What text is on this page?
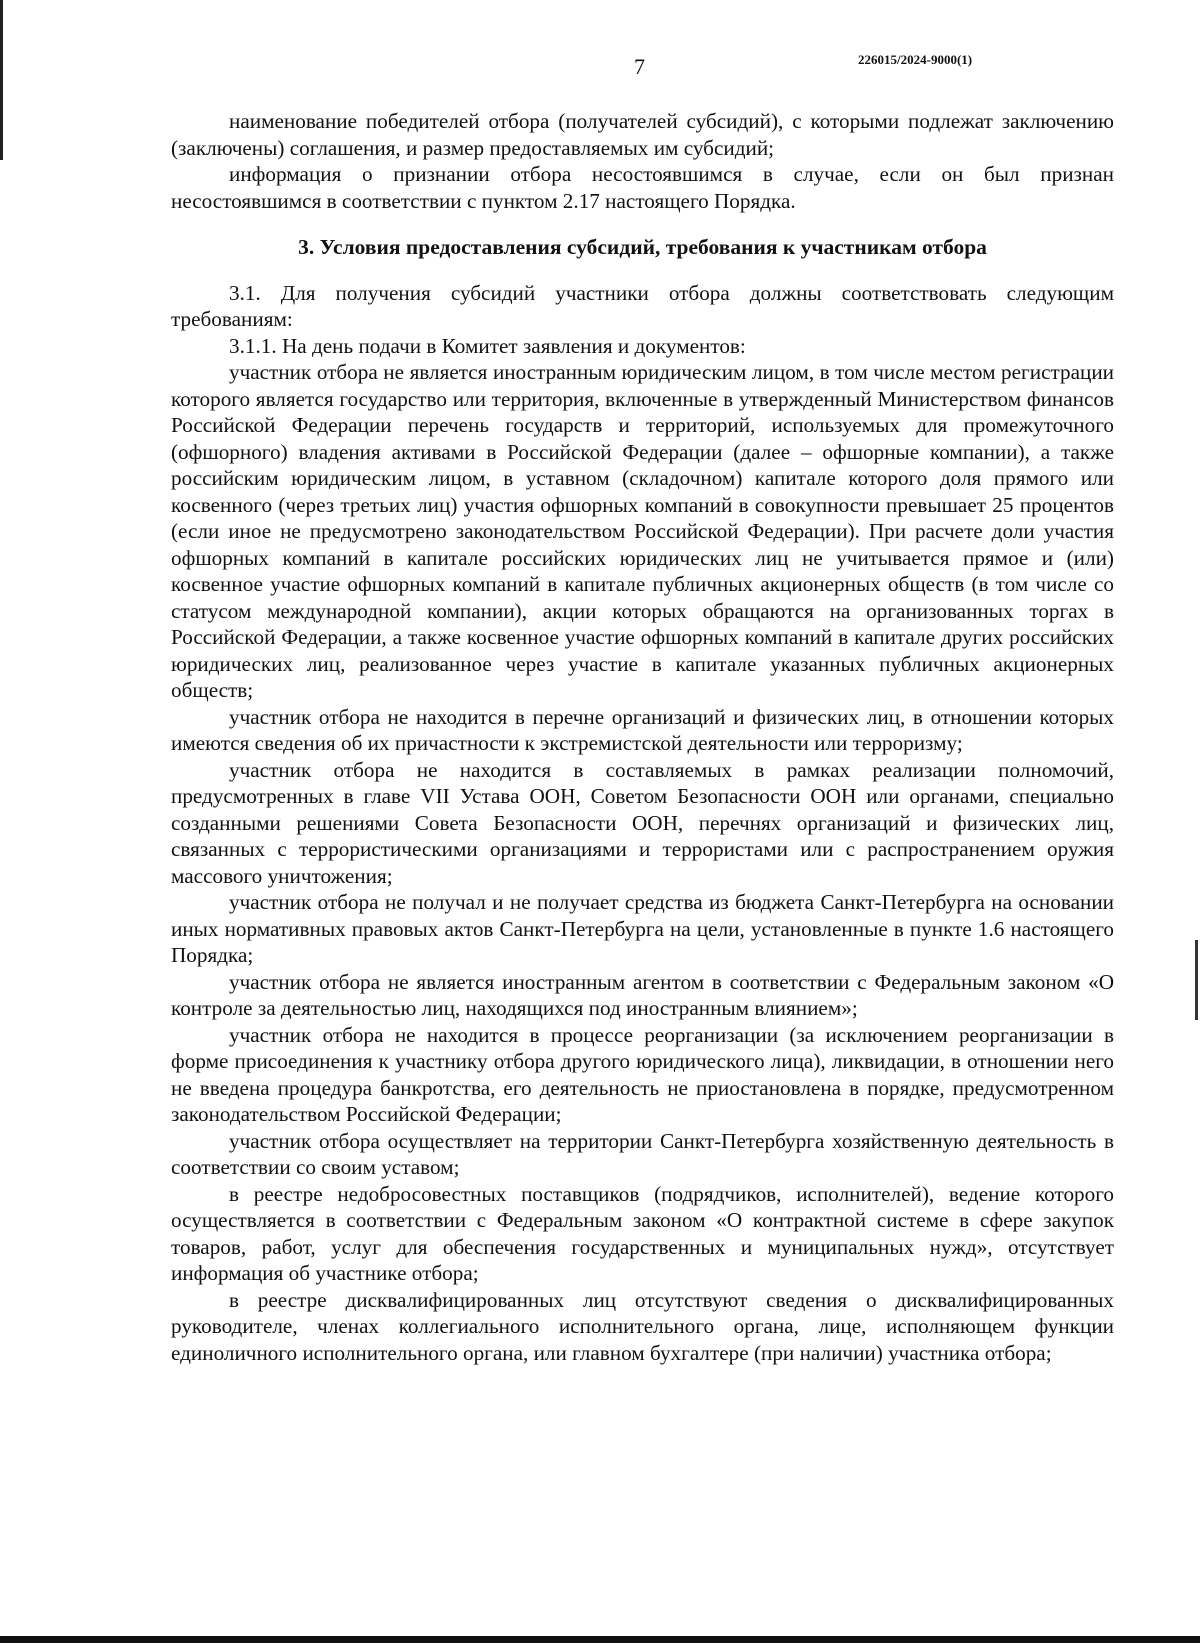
7	226015/2024-9000(1)

наименование победителей отбора (получателей субсидий), с которыми подлежат заключению (заключены) соглашения, и размер предоставляемых им субсидий;

информация о признании отбора несостоявшимся в случае, если он был признан несостоявшимся в соответствии с пунктом 2.17 настоящего Порядка.

3. Условия предоставления субсидий, требования к участникам отбора

3.1. Для получения субсидий участники отбора должны соответствовать следующим требованиям:

3.1.1. На день подачи в Комитет заявления и документов:

участник отбора не является иностранным юридическим лицом, в том числе местом регистрации которого является государство или территория, включенные в утвержденный Министерством финансов Российской Федерации перечень государств и территорий, используемых для промежуточного (офшорного) владения активами в Российской Федерации (далее – офшорные компании), а также российским юридическим лицом, в уставном (складочном) капитале которого доля прямого или косвенного (через третьих лиц) участия офшорных компаний в совокупности превышает 25 процентов (если иное не предусмотрено законодательством Российской Федерации). При расчете доли участия офшорных компаний в капитале российских юридических лиц не учитывается прямое и (или) косвенное участие офшорных компаний в капитале публичных акционерных обществ (в том числе со статусом международной компании), акции которых обращаются на организованных торгах в Российской Федерации, а также косвенное участие офшорных компаний в капитале других российских юридических лиц, реализованное через участие в капитале указанных публичных акционерных обществ;

участник отбора не находится в перечне организаций и физических лиц, в отношении которых имеются сведения об их причастности к экстремистской деятельности или терроризму;

участник отбора не находится в составляемых в рамках реализации полномочий, предусмотренных в главе VII Устава ООН, Советом Безопасности ООН или органами, специально созданными решениями Совета Безопасности ООН, перечнях организаций и физических лиц, связанных с террористическими организациями и террористами или с распространением оружия массового уничтожения;

участник отбора не получал и не получает средства из бюджета Санкт-Петербурга на основании иных нормативных правовых актов Санкт-Петербурга на цели, установленные в пункте 1.6 настоящего Порядка;

участник отбора не является иностранным агентом в соответствии с Федеральным законом «О контроле за деятельностью лиц, находящихся под иностранным влиянием»;

участник отбора не находится в процессе реорганизации (за исключением реорганизации в форме присоединения к участнику отбора другого юридического лица), ликвидации, в отношении него не введена процедура банкротства, его деятельность не приостановлена в порядке, предусмотренном законодательством Российской Федерации;

участник отбора осуществляет на территории Санкт-Петербурга хозяйственную деятельность в соответствии со своим уставом;

в реестре недобросовестных поставщиков (подрядчиков, исполнителей), ведение которого осуществляется в соответствии с Федеральным законом «О контрактной системе в сфере закупок товаров, работ, услуг для обеспечения государственных и муниципальных нужд», отсутствует информация об участнике отбора;

в реестре дисквалифицированных лиц отсутствуют сведения о дисквалифицированных руководителе, членах коллегиального исполнительного органа, лице, исполняющем функции единоличного исполнительного органа, или главном бухгалтере (при наличии) участника отбора;
